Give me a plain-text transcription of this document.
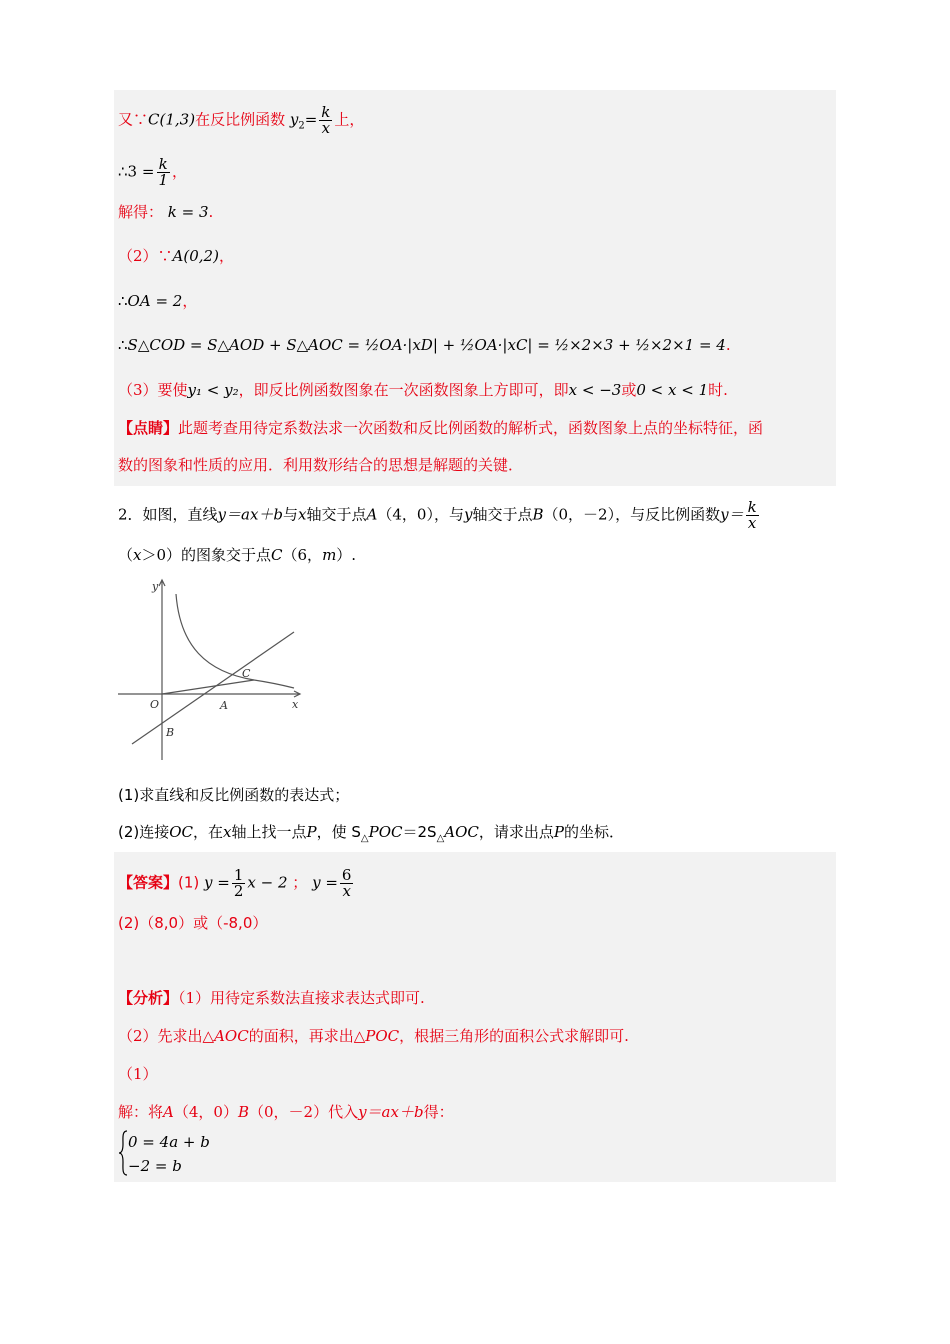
又∵C(1,3)在反比例函数 $y_2= \frac{k}{x}$ 上，
∴3 = $\frac{k}{1}$ ，
解得： k = 3.
（2）∵A(0,2)，
∴OA = 2，
∴S△COD = S△AOD + S△AOC = ½OA·|xD| + ½OA·|xC| = ½×2×3 + ½×2×1 = 4.
（3）要使y₁ < y₂，即反比例函数图象在一次函数图象上方即可，即x < −3或0 < x < 1时.
【点睛】此题考查用待定系数法求一次函数和反比例函数的解析式，函数图象上点的坐标特征，函
数的图象和性质的应用．利用数形结合的思想是解题的关键．
2．如图，直线y＝ax＋b与x轴交于点A（4，0），与y轴交于点B（0，－2），与反比例函数$y= \frac{k}{x}$
（x＞0）的图象交于点C（6，m）.
y
x
O	A
B
C
(1)求直线和反比例函数的表达式；
(2)连接OC，在x轴上找一点P，使 $S_\triangle POC=2S_\triangle AOC$，请求出点P的坐标．
【答案】(1) $y = \frac{1}{2}$ x − 2 ； $y = \frac{6}{x}$
(2)（8,0）或（-8,0）
【分析】（1）用待定系数法直接求表达式即可.
（2）先求出△AOC的面积，再求出△POC，根据三角形的面积公式求解即可.
（1）
解：将A（4，0）B（0，－2）代入y＝ax＋b得：
0 = 4a + b
−2 = b
